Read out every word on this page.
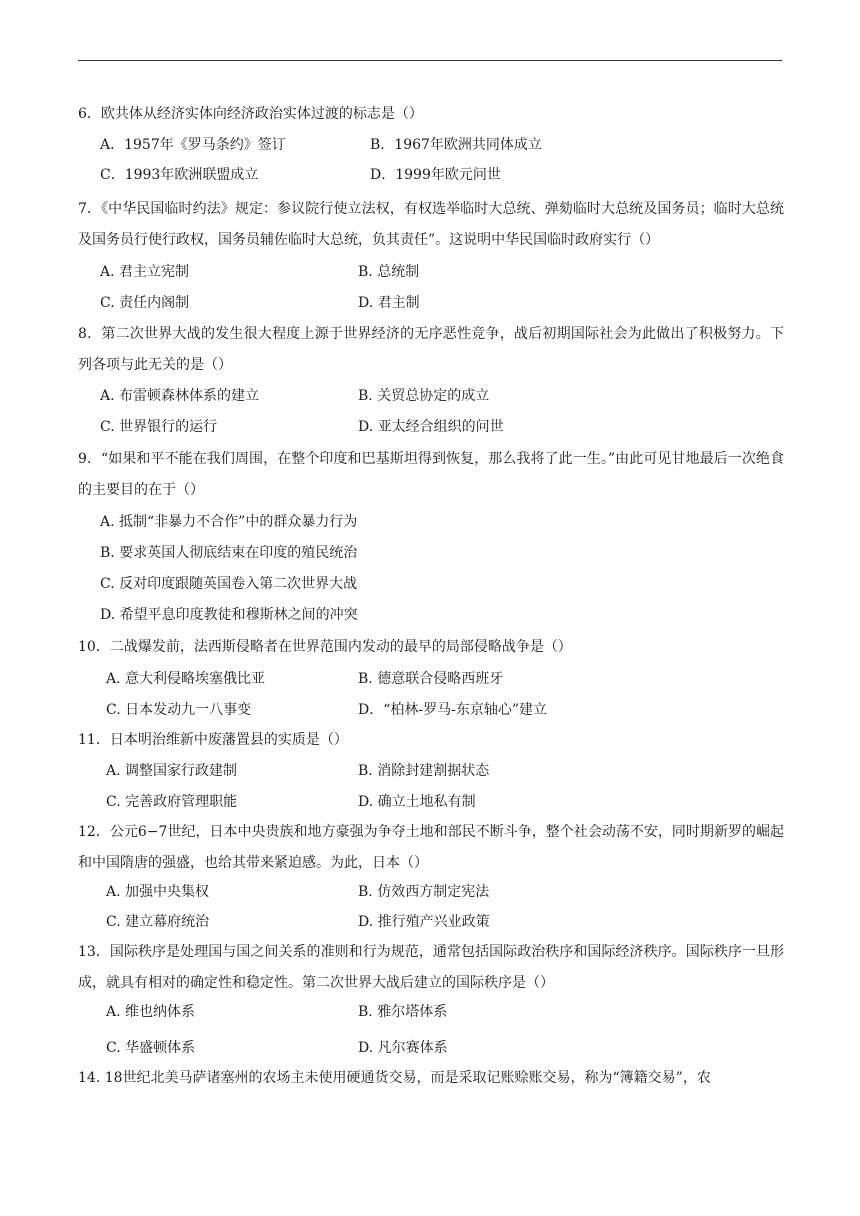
6．欧共体从经济实体向经济政治实体过渡的标志是（）
A．1957年《罗马条约》签订	B．1967年欧洲共同体成立
C．1993年欧洲联盟成立	D．1999年欧元问世
7．《中华民国临时约法》规定：参议院行使立法权，有权选举临时大总统、弹劾临时大总统及国务员；临时大总统及国务员行使行政权，国务员辅佐临时大总统，负其责任”。这说明中华民国临时政府实行（）
A. 君主立宪制	B. 总统制
C. 责任内阁制	D. 君主制
8．第二次世界大战的发生很大程度上源于世界经济的无序恶性竞争，战后初期国际社会为此做出了积极努力。下列各项与此无关的是（）
A. 布雷顿森林体系的建立	B. 关贸总协定的成立
C. 世界银行的运行	D. 亚太经合组织的问世
9．“如果和平不能在我们周围，在整个印度和巴基斯坦得到恢复，那么我将了此一生。”由此可见甘地最后一次绝食的主要目的在于（）
A. 抵制“非暴力不合作”中的群众暴力行为
B. 要求英国人彻底结束在印度的殖民统治
C. 反对印度跟随英国卷入第二次世界大战
D. 希望平息印度教徒和穆斯林之间的冲突
10．二战爆发前，法西斯侵略者在世界范围内发动的最早的局部侵略战争是（）
A. 意大利侵略埃塞俄比亚	B. 德意联合侵略西班牙
C. 日本发动九一八事变	D．“柏林-罗马-东京轴心”建立
11．日本明治维新中废藩置县的实质是（）
A. 调整国家行政建制	B. 消除封建割据状态
C. 完善政府管理职能	D. 确立土地私有制
12．公元6−7世纪，日本中央贵族和地方豪强为争夺土地和部民不断斗争，整个社会动荡不安，同时期新罗的崛起和中国隋唐的强盛，也给其带来紧迫感。为此，日本（）
A. 加强中央集权	B. 仿效西方制定宪法
C. 建立幕府统治	D. 推行殖产兴业政策
13．国际秩序是处理国与国之间关系的准则和行为规范，通常包括国际政治秩序和国际经济秩序。国际秩序一旦形成，就具有相对的确定性和稳定性。第二次世界大战后建立的国际秩序是（）
A. 维也纳体系	B. 雅尔塔体系
C. 华盛顿体系	D. 凡尔赛体系
14. 18世纪北美马萨诸塞州的农场主未使用硬通货交易，而是采取记账赊账交易，称为“簿籍交易”，农
